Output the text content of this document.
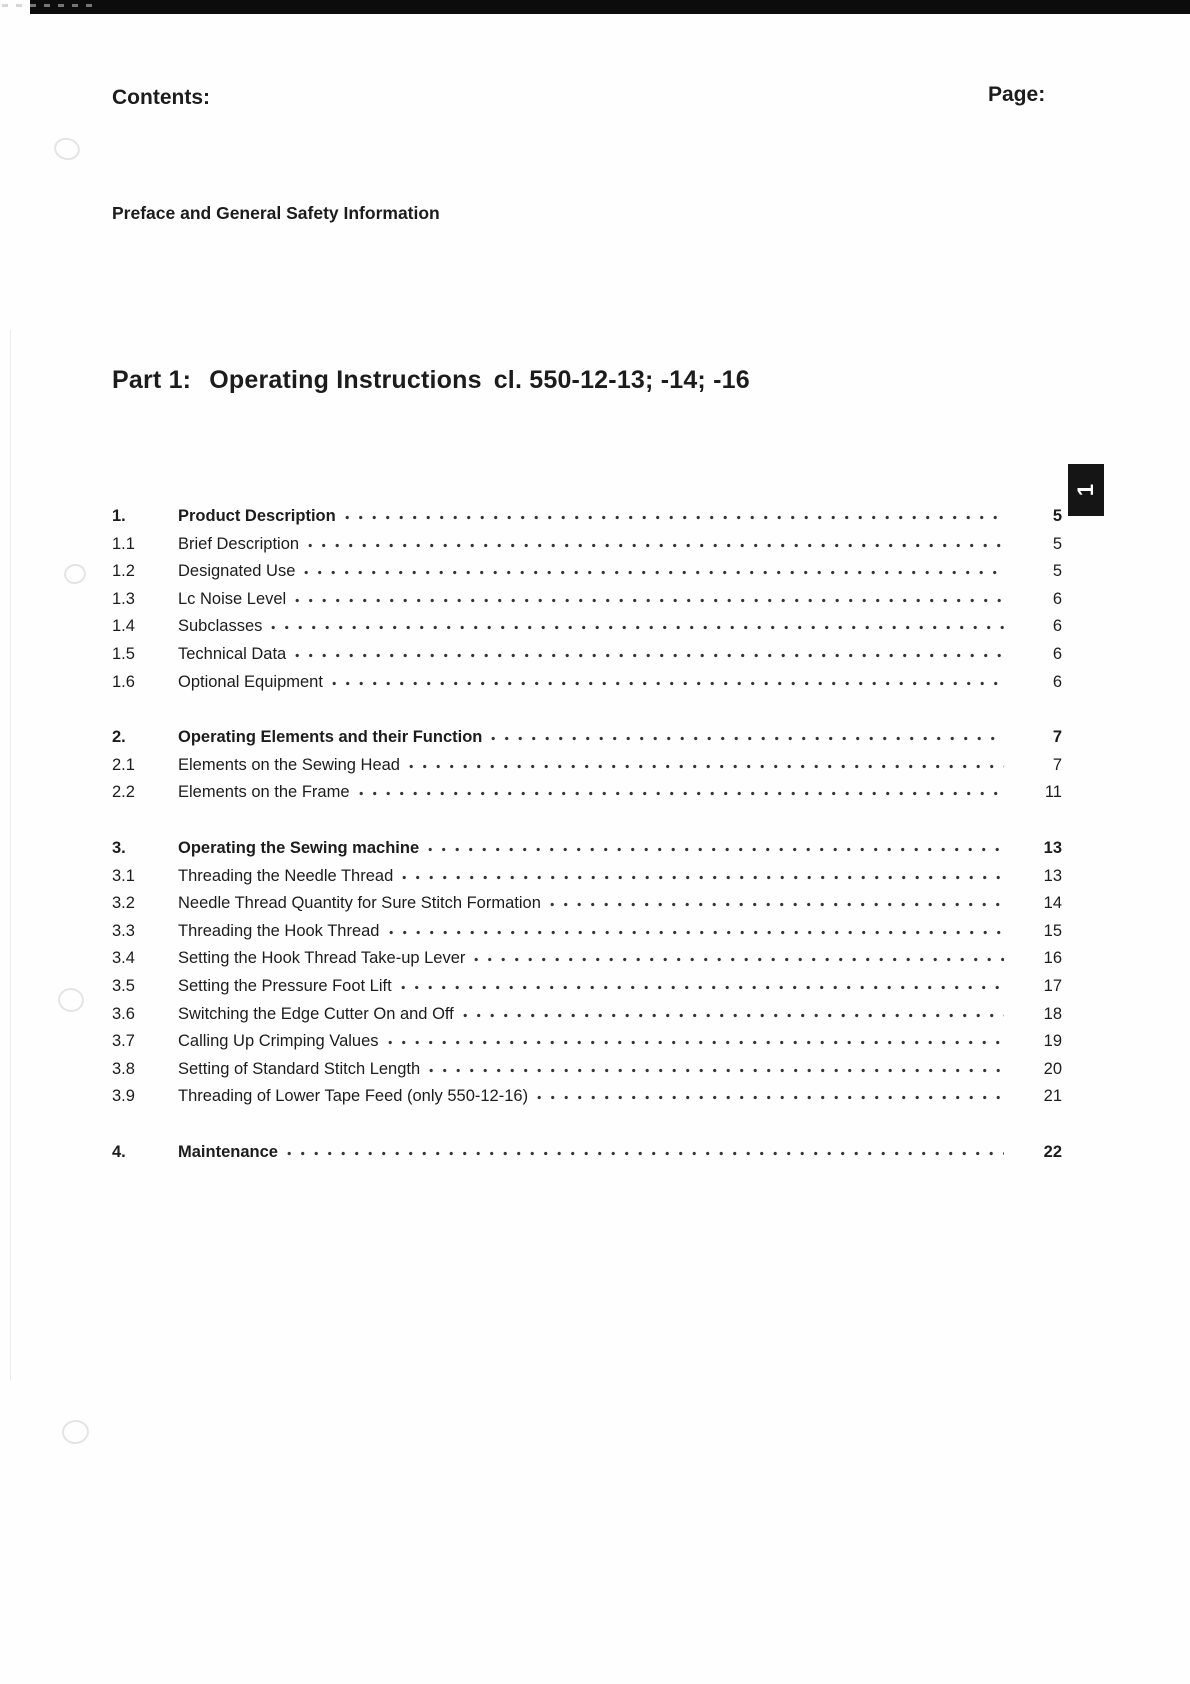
Contents:	Page:
Preface and General Safety Information
Part 1: Operating Instructions cl. 550-12-13; -14; -16
1
1.	Product Description	5
1.1	Brief Description	5
1.2	Designated Use	5
1.3	Lc Noise Level	6
1.4	Subclasses	6
1.5	Technical Data	6
1.6	Optional Equipment	6
2.	Operating Elements and their Function	7
2.1	Elements on the Sewing Head	7
2.2	Elements on the Frame	11
3.	Operating the Sewing machine	13
3.1	Threading the Needle Thread	13
3.2	Needle Thread Quantity for Sure Stitch Formation	14
3.3	Threading the Hook Thread	15
3.4	Setting the Hook Thread Take-up Lever	16
3.5	Setting the Pressure Foot Lift	17
3.6	Switching the Edge Cutter On and Off	18
3.7	Calling Up Crimping Values	19
3.8	Setting of Standard Stitch Length	20
3.9	Threading of Lower Tape Feed (only 550-12-16)	21
4.	Maintenance	22
